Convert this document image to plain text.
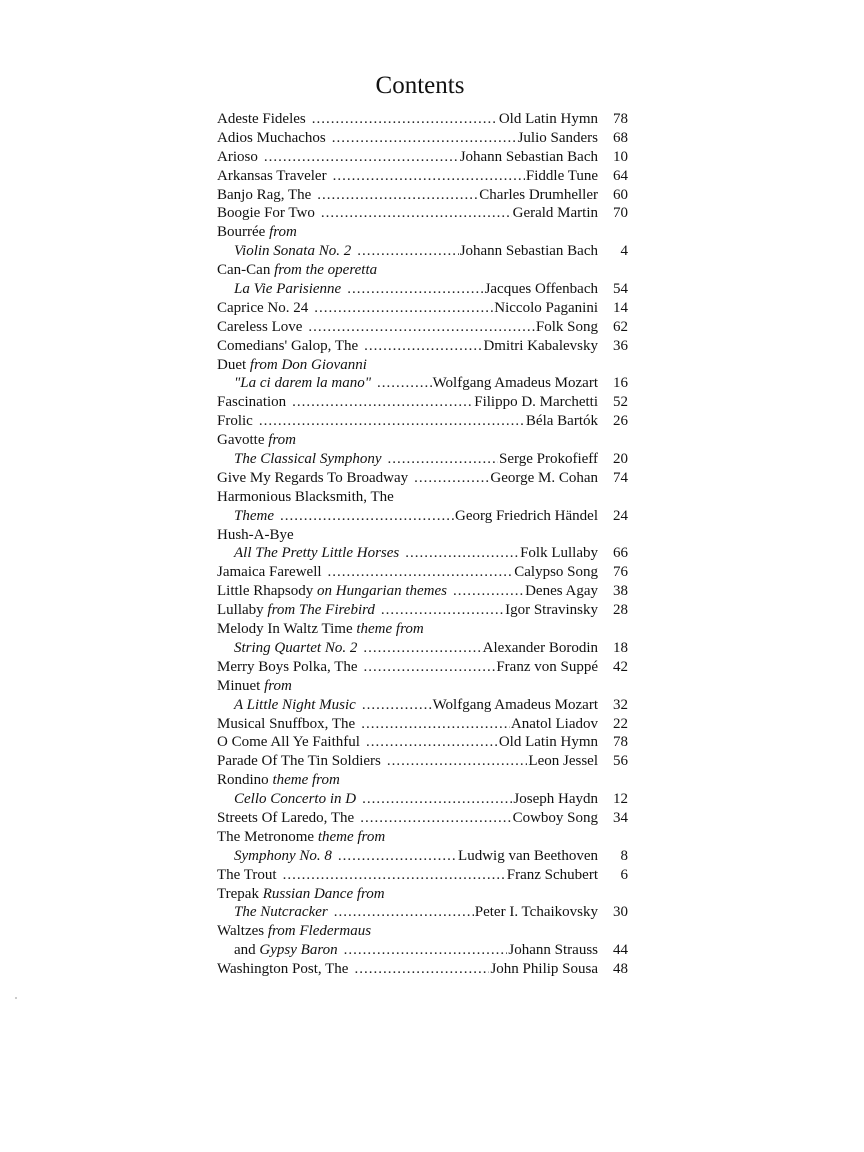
Contents
Adeste Fideles .....	Old Latin Hymn	78
Adios Muchachos .....	Julio Sanders	68
Arioso .....	Johann Sebastian Bach	10
Arkansas Traveler .....	Fiddle Tune	64
Banjo Rag, The .....	Charles Drumheller	60
Boogie For Two .....	Gerald Martin	70
Bourrée from
Violin Sonata No. 2 .....	Johann Sebastian Bach	4
Can-Can from the operetta
La Vie Parisienne .....	Jacques Offenbach	54
Caprice No. 24 .....	Niccolo Paganini	14
Careless Love .....	Folk Song	62
Comedians' Galop, The .....	Dmitri Kabalevsky	36
Duet from Don Giovanni
"La ci darem la mano" .....	Wolfgang Amadeus Mozart	16
Fascination .....	Filippo D. Marchetti	52
Frolic .....	Béla Bartók	26
Gavotte from
The Classical Symphony .....	Serge Prokofieff	20
Give My Regards To Broadway .....	George M. Cohan	74
Harmonious Blacksmith, The
Theme .....	Georg Friedrich Händel	24
Hush-A-Bye
All The Pretty Little Horses .....	Folk Lullaby	66
Jamaica Farewell .....	Calypso Song	76
Little Rhapsody on Hungarian themes .....	Denes Agay	38
Lullaby from The Firebird .....	Igor Stravinsky	28
Melody In Waltz Time theme from
String Quartet No. 2 .....	Alexander Borodin	18
Merry Boys Polka, The .....	Franz von Suppé	42
Minuet from
A Little Night Music .....	Wolfgang Amadeus Mozart	32
Musical Snuffbox, The .....	Anatol Liadov	22
O Come All Ye Faithful .....	Old Latin Hymn	78
Parade Of The Tin Soldiers .....	Leon Jessel	56
Rondino theme from
Cello Concerto in D .....	Joseph Haydn	12
Streets Of Laredo, The .....	Cowboy Song	34
The Metronome theme from
Symphony No. 8 .....	Ludwig van Beethoven	8
The Trout .....	Franz Schubert	6
Trepak Russian Dance from
The Nutcracker .....	Peter I. Tchaikovsky	30
Waltzes from Fledermaus
and Gypsy Baron .....	Johann Strauss	44
Washington Post, The .....	John Philip Sousa	48
